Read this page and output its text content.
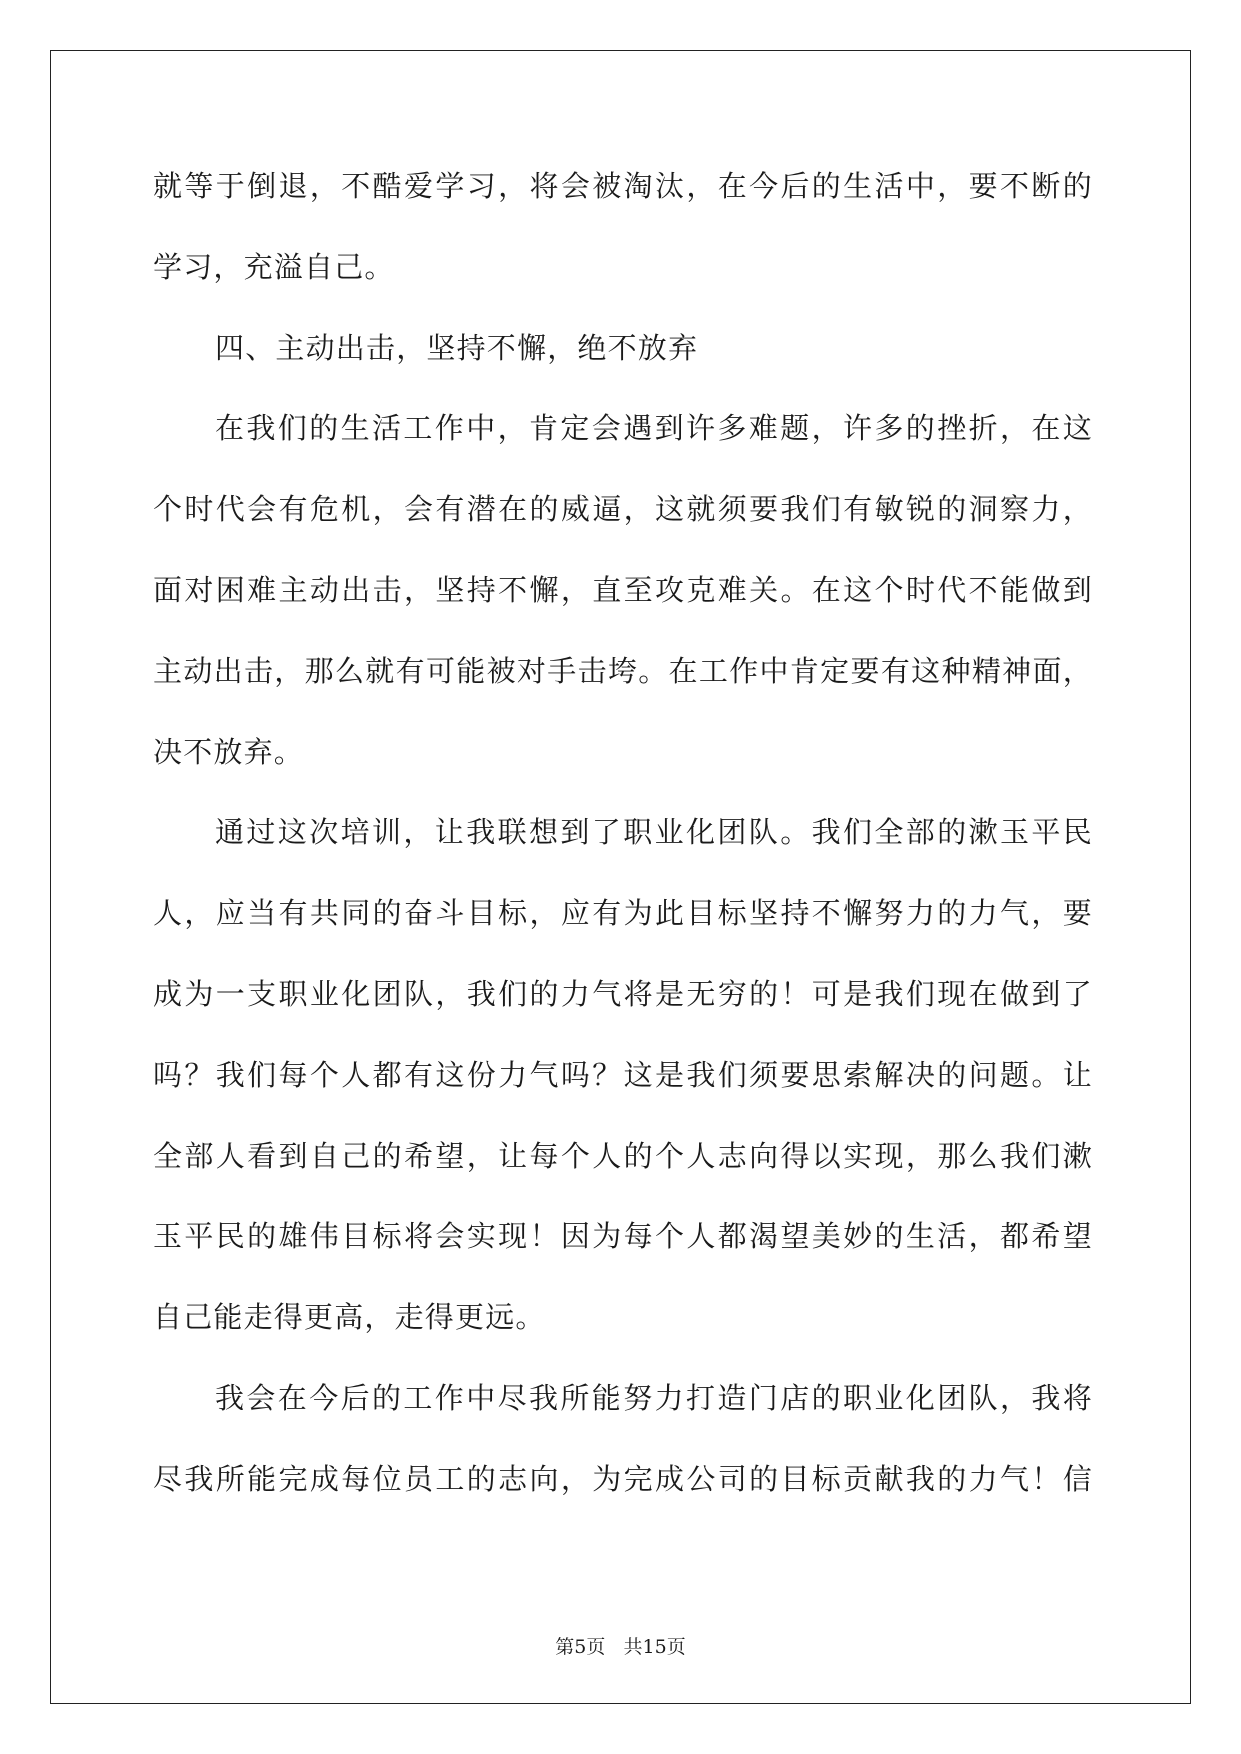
就等于倒退，不酷爱学习，将会被淘汰，在今后的生活中，要不断的
学习，充溢自己。
四、主动出击，坚持不懈，绝不放弃
在我们的生活工作中，肯定会遇到许多难题，许多的挫折，在这
个时代会有危机，会有潜在的威逼，这就须要我们有敏锐的洞察力，
面对困难主动出击，坚持不懈，直至攻克难关。在这个时代不能做到
主动出击，那么就有可能被对手击垮。在工作中肯定要有这种精神面，
决不放弃。
通过这次培训，让我联想到了职业化团队。我们全部的漱玉平民
人，应当有共同的奋斗目标，应有为此目标坚持不懈努力的力气，要
成为一支职业化团队，我们的力气将是无穷的！可是我们现在做到了
吗？我们每个人都有这份力气吗？这是我们须要思索解决的问题。让
全部人看到自己的希望，让每个人的个人志向得以实现，那么我们漱
玉平民的雄伟目标将会实现！因为每个人都渴望美妙的生活，都希望
自己能走得更高，走得更远。
我会在今后的工作中尽我所能努力打造门店的职业化团队，我将
尽我所能完成每位员工的志向，为完成公司的目标贡献我的力气！信
第5页 共15页
